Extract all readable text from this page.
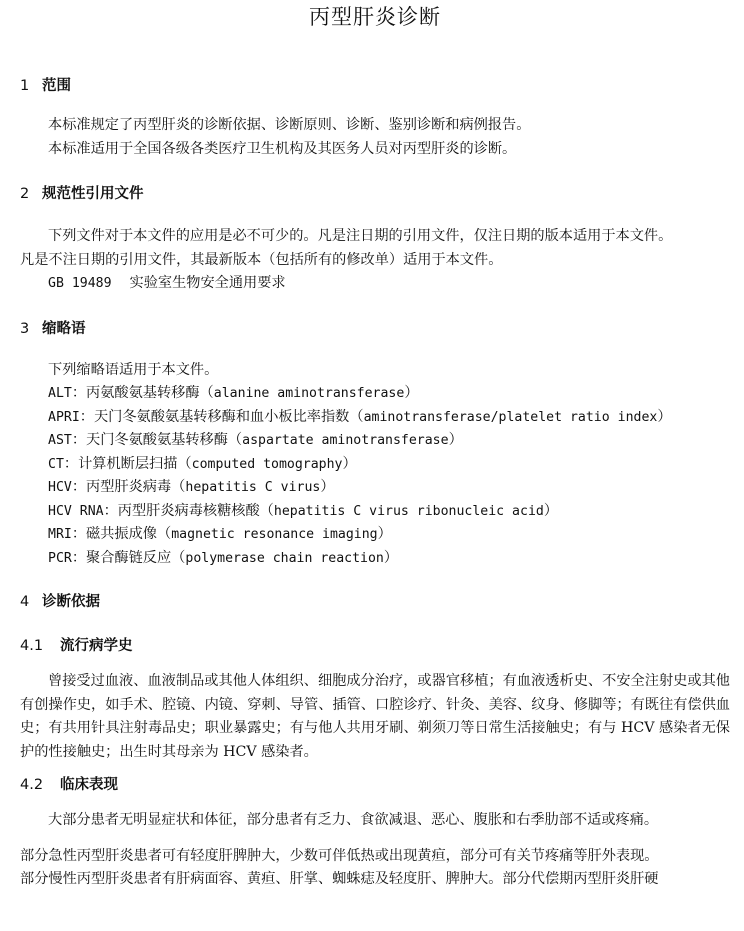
丙型肝炎诊断
1 范围
本标准规定了丙型肝炎的诊断依据、诊断原则、诊断、鉴别诊断和病例报告。
本标准适用于全国各级各类医疗卫生机构及其医务人员对丙型肝炎的诊断。
2 规范性引用文件
下列文件对于本文件的应用是必不可少的。凡是注日期的引用文件，仅注日期的版本适用于本文件。
凡是不注日期的引用文件，其最新版本（包括所有的修改单）适用于本文件。
GB 19489 实验室生物安全通用要求
3 缩略语
下列缩略语适用于本文件。
ALT：丙氨酸氨基转移酶（alanine aminotransferase）
APRI：天门冬氨酸氨基转移酶和血小板比率指数（aminotransferase/platelet ratio index）
AST：天门冬氨酸氨基转移酶（aspartate aminotransferase）
CT：计算机断层扫描（computed tomography）
HCV：丙型肝炎病毒（hepatitis C virus）
HCV RNA：丙型肝炎病毒核糖核酸（hepatitis C virus ribonucleic acid）
MRI：磁共振成像（magnetic resonance imaging）
PCR：聚合酶链反应（polymerase chain reaction）
4 诊断依据
4.1 流行病学史
曾接受过血液、血液制品或其他人体组织、细胞成分治疗，或器官移植；有血液透析史、不安全注射史或其他有创操作史，如手术、腔镜、内镜、穿刺、导管、插管、口腔诊疗、针灸、美容、纹身、修脚等；有既往有偿供血史；有共用针具注射毒品史；职业暴露史；有与他人共用牙刷、剃须刀等日常生活接触史；有与 HCV 感染者无保护的性接触史；出生时其母亲为 HCV 感染者。
4.2 临床表现
大部分患者无明显症状和体征，部分患者有乏力、食欲减退、恶心、腹胀和右季肋部不适或疼痛。
部分急性丙型肝炎患者可有轻度肝脾肿大，少数可伴低热或出现黄疸，部分可有关节疼痛等肝外表现。
部分慢性丙型肝炎患者有肝病面容、黄疸、肝掌、蜘蛛痣及轻度肝、脾肿大。部分代偿期丙型肝炎肝硬
